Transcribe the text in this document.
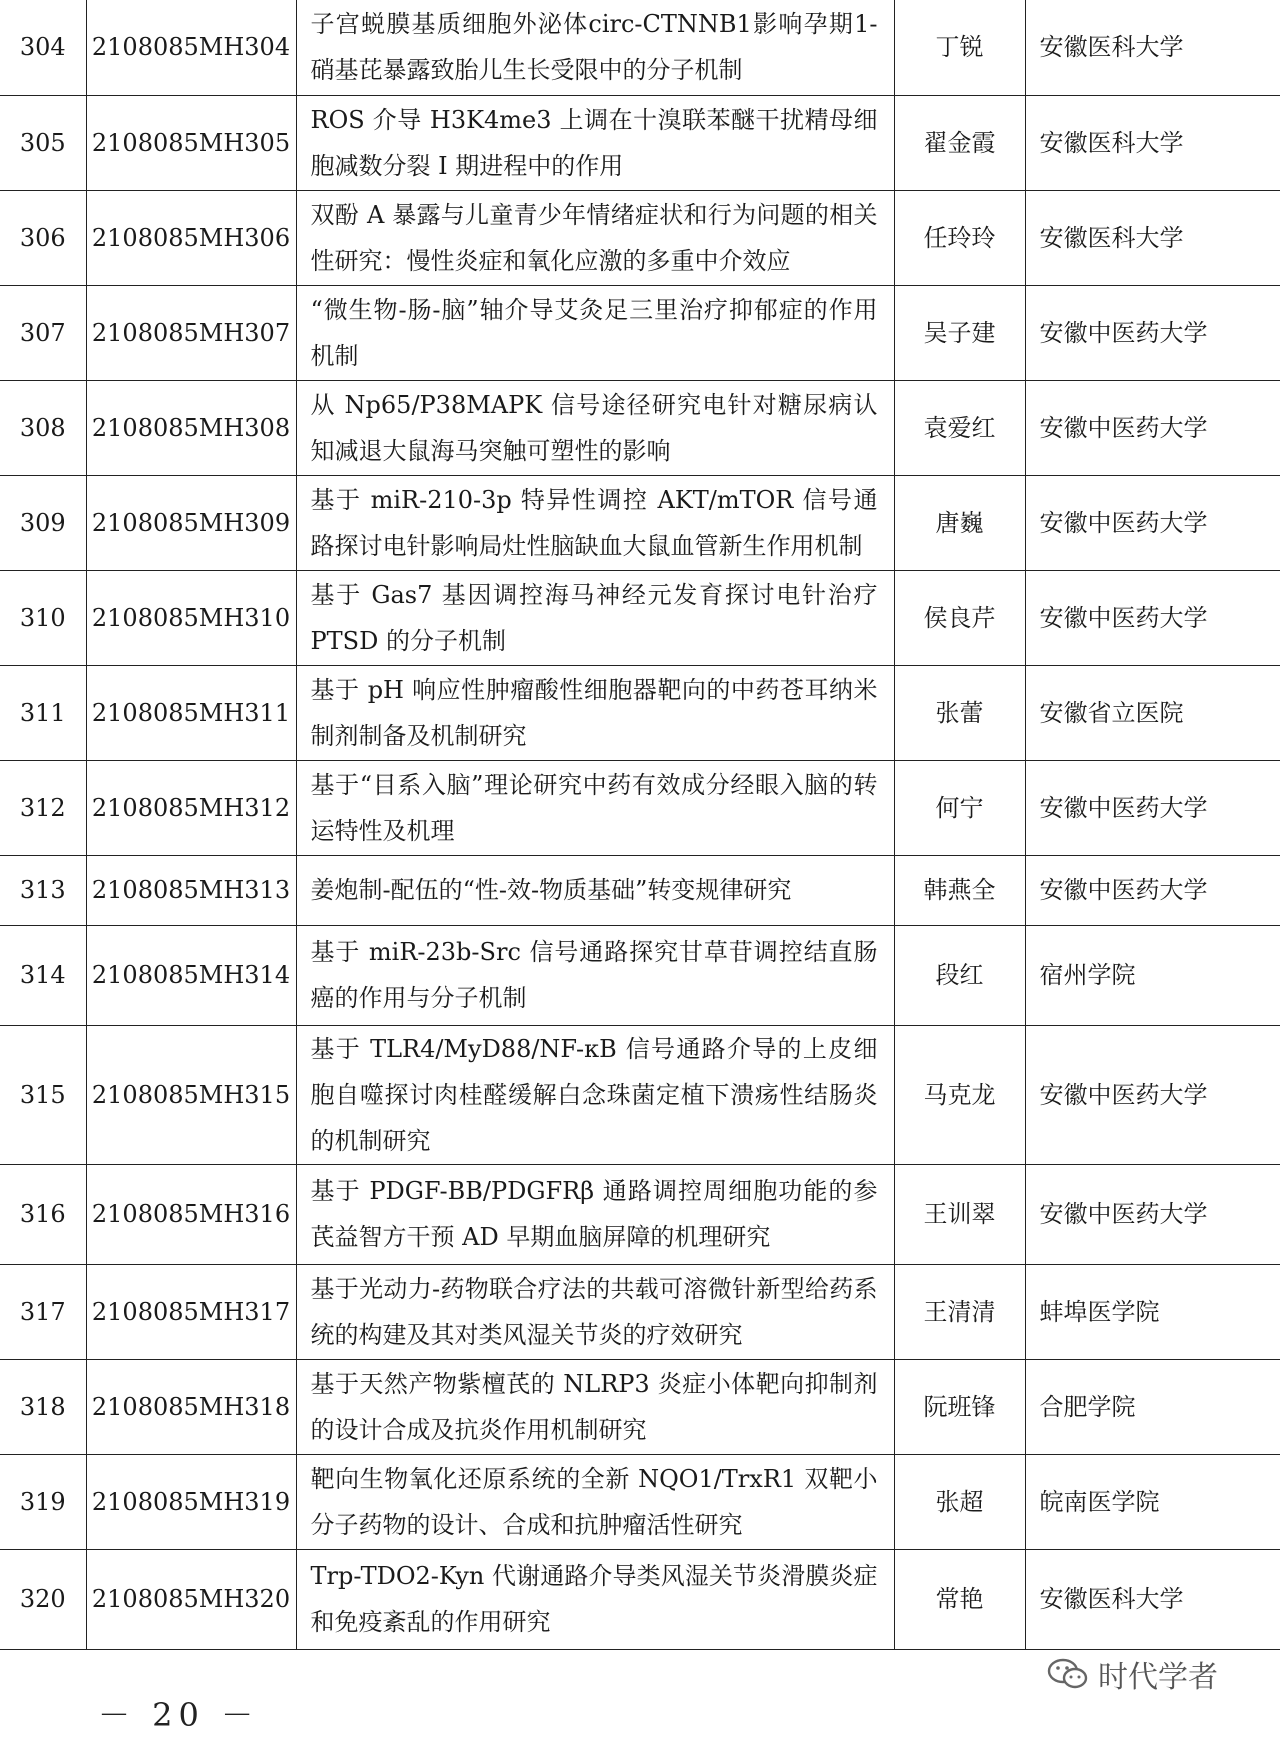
304	2108085MH304	子宫蜕膜基质细胞外泌体circ-CTNNB1影响孕期1-硝基芘暴露致胎儿生长受限中的分子机制	丁锐	安徽医科大学
305	2108085MH305	ROS 介导 H3K4me3 上调在十溴联苯醚干扰精母细胞减数分裂 I 期进程中的作用	翟金霞	安徽医科大学
306	2108085MH306	双酚 A 暴露与儿童青少年情绪症状和行为问题的相关性研究：慢性炎症和氧化应激的多重中介效应	任玲玲	安徽医科大学
307	2108085MH307	“微生物-肠-脑”轴介导艾灸足三里治疗抑郁症的作用机制	吴子建	安徽中医药大学
308	2108085MH308	从 Np65/P38MAPK 信号途径研究电针对糖尿病认知减退大鼠海马突触可塑性的影响	袁爱红	安徽中医药大学
309	2108085MH309	基于 miR-210-3p 特异性调控 AKT/mTOR 信号通路探讨电针影响局灶性脑缺血大鼠血管新生作用机制	唐巍	安徽中医药大学
310	2108085MH310	基于 Gas7 基因调控海马神经元发育探讨电针治疗 PTSD 的分子机制	侯良芹	安徽中医药大学
311	2108085MH311	基于 pH 响应性肿瘤酸性细胞器靶向的中药苍耳纳米制剂制备及机制研究	张蕾	安徽省立医院
312	2108085MH312	基于“目系入脑”理论研究中药有效成分经眼入脑的转运特性及机理	何宁	安徽中医药大学
313	2108085MH313	姜炮制-配伍的“性-效-物质基础”转变规律研究	韩燕全	安徽中医药大学
314	2108085MH314	基于 miR-23b-Src 信号通路探究甘草苷调控结直肠癌的作用与分子机制	段红	宿州学院
315	2108085MH315	基于 TLR4/MyD88/NF-κB 信号通路介导的上皮细胞自噬探讨肉桂醛缓解白念珠菌定植下溃疡性结肠炎的机制研究	马克龙	安徽中医药大学
316	2108085MH316	基于 PDGF-BB/PDGFRβ 通路调控周细胞功能的参芪益智方干预 AD 早期血脑屏障的机理研究	王训翠	安徽中医药大学
317	2108085MH317	基于光动力-药物联合疗法的共载可溶微针新型给药系统的构建及其对类风湿关节炎的疗效研究	王清清	蚌埠医学院
318	2108085MH318	基于天然产物紫檀芪的 NLRP3 炎症小体靶向抑制剂的设计合成及抗炎作用机制研究	阮班锋	合肥学院
319	2108085MH319	靶向生物氧化还原系统的全新 NQO1/TrxR1 双靶小分子药物的设计、合成和抗肿瘤活性研究	张超	皖南医学院
320	2108085MH320	Trp-TDO2-Kyn 代谢通路介导类风湿关节炎滑膜炎症和免疫紊乱的作用研究	常艳	安徽医科大学
时代学者
－ 20 －
